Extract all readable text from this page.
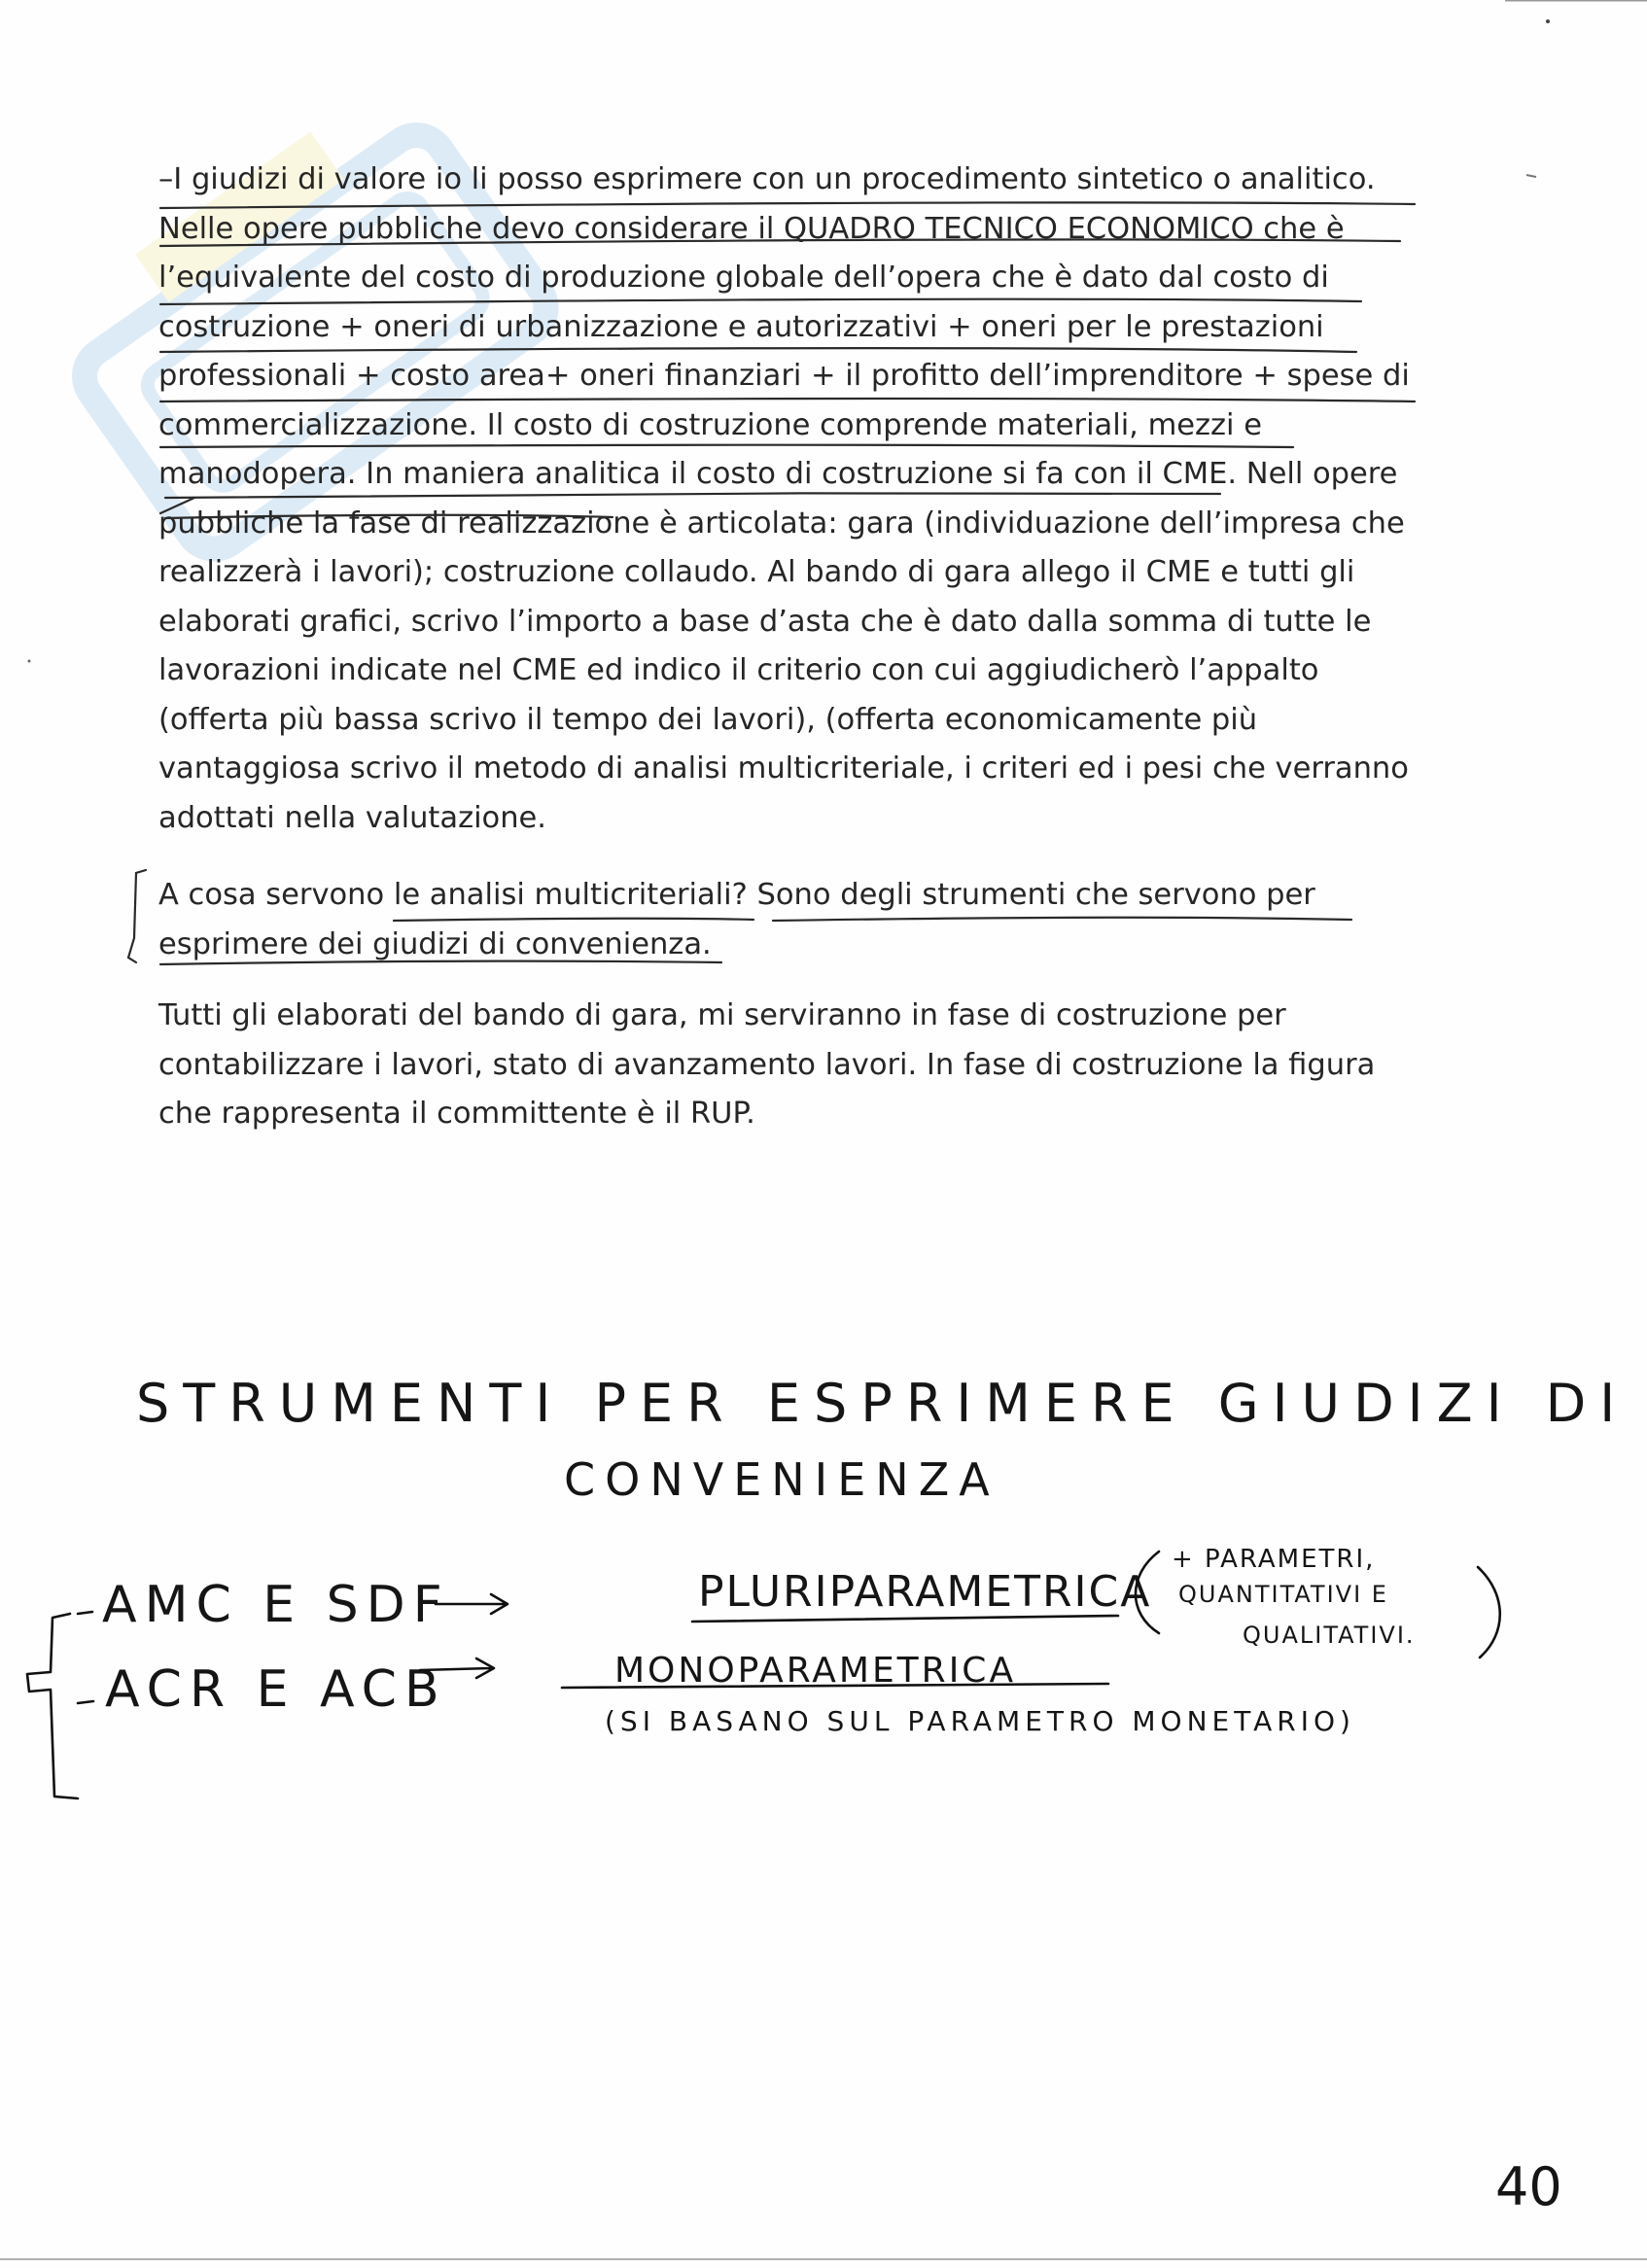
–I giudizi di valore io li posso esprimere con un procedimento sintetico o analitico.

Nelle opere pubbliche devo considerare il QUADRO TECNICO ECONOMICO che è

l’equivalente del costo di produzione globale dell’opera che è dato dal costo di

costruzione + oneri di urbanizzazione e autorizzativi + oneri per le prestazioni

professionali + costo area+ oneri finanziari + il profitto dell’imprenditore + spese di

commercializzazione. Il costo di costruzione comprende materiali, mezzi e

manodopera. In maniera analitica il costo di costruzione si fa con il CME. Nell opere

pubbliche la fase di realizzazione è articolata: gara (individuazione dell’impresa che

realizzerà i lavori); costruzione collaudo. Al bando di gara allego il CME e tutti gli

elaborati grafici, scrivo l’importo a base d’asta che è dato dalla somma di tutte le

lavorazioni indicate nel CME ed indico il criterio con cui aggiudicherò l’appalto

(offerta più bassa scrivo il tempo dei lavori), (offerta economicamente più

vantaggiosa scrivo il metodo di analisi multicriteriale, i criteri ed i pesi che verranno

adottati nella valutazione.

A cosa servono le analisi multicriteriali? Sono degli strumenti che servono per

esprimere dei giudizi di convenienza.

Tutti gli elaborati del bando di gara, mi serviranno in fase di costruzione per

contabilizzare i lavori, stato di avanzamento lavori. In fase di costruzione la figura

che rappresenta il committente è il RUP.

STRUMENTI PER ESPRIMERE GIUDIZI DI
CONVENIENZA
AMC E SDF	PLURIPARAMETRICA
+ PARAMETRI,
QUANTITATIVI E
QUALITATIVI.
ACR E ACB	MONOPARAMETRICA
(SI BASANO SUL PARAMETRO MONETARIO)
40
